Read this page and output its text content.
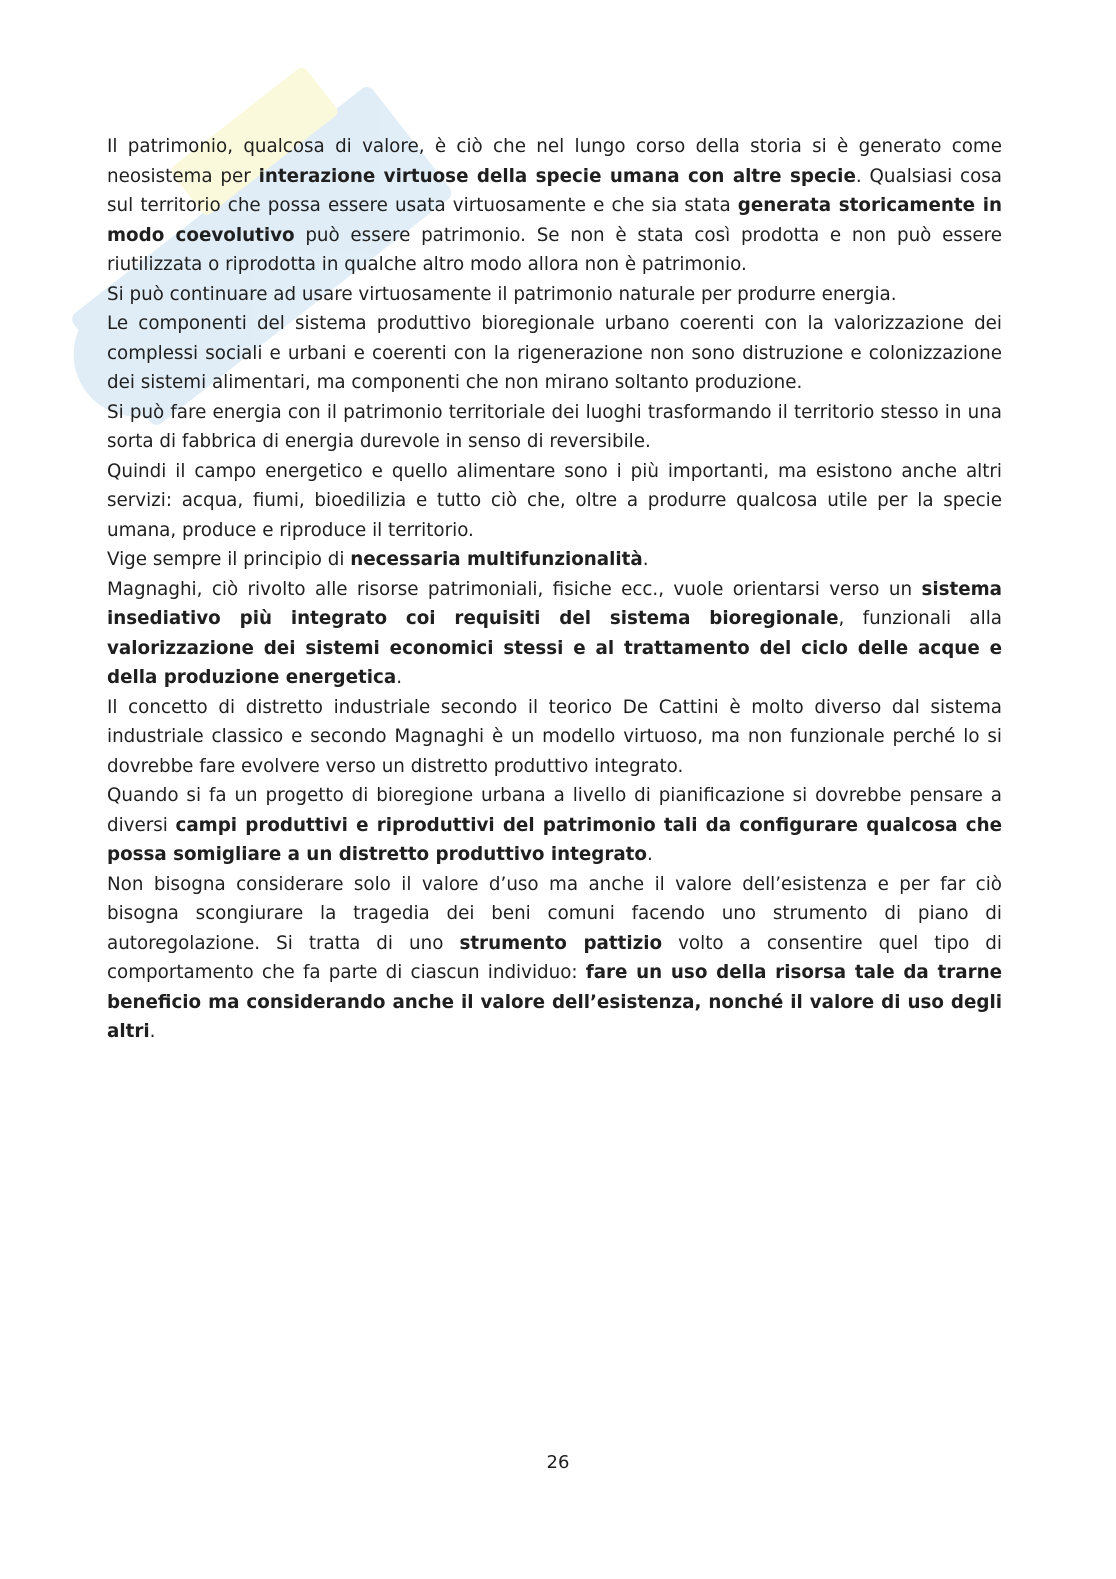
Il patrimonio, qualcosa di valore, è ciò che nel lungo corso della storia si è generato come neosistema per interazione virtuose della specie umana con altre specie. Qualsiasi cosa sul territorio che possa essere usata virtuosamente e che sia stata generata storicamente in modo coevolutivo può essere patrimonio. Se non è stata così prodotta e non può essere riutilizzata o riprodotta in qualche altro modo allora non è patrimonio.

Si può continuare ad usare virtuosamente il patrimonio naturale per produrre energia.

Le componenti del sistema produttivo bioregionale urbano coerenti con la valorizzazione dei complessi sociali e urbani e coerenti con la rigenerazione non sono distruzione e colonizzazione dei sistemi alimentari, ma componenti che non mirano soltanto produzione.

Si può fare energia con il patrimonio territoriale dei luoghi trasformando il territorio stesso in una sorta di fabbrica di energia durevole in senso di reversibile.

Quindi il campo energetico e quello alimentare sono i più importanti, ma esistono anche altri servizi: acqua, fiumi, bioedilizia e tutto ciò che, oltre a produrre qualcosa utile per la specie umana, produce e riproduce il territorio.

Vige sempre il principio di necessaria multifunzionalità.

Magnaghi, ciò rivolto alle risorse patrimoniali, fisiche ecc., vuole orientarsi verso un sistema insediativo più integrato coi requisiti del sistema bioregionale, funzionali alla valorizzazione dei sistemi economici stessi e al trattamento del ciclo delle acque e della produzione energetica.

Il concetto di distretto industriale secondo il teorico De Cattini è molto diverso dal sistema industriale classico e secondo Magnaghi è un modello virtuoso, ma non funzionale perché lo si dovrebbe fare evolvere verso un distretto produttivo integrato.

Quando si fa un progetto di bioregione urbana a livello di pianificazione si dovrebbe pensare a diversi campi produttivi e riproduttivi del patrimonio tali da configurare qualcosa che possa somigliare a un distretto produttivo integrato.

Non bisogna considerare solo il valore d’uso ma anche il valore dell’esistenza e per far ciò bisogna scongiurare la tragedia dei beni comuni facendo uno strumento di piano di autoregolazione. Si tratta di uno strumento pattizio volto a consentire quel tipo di comportamento che fa parte di ciascun individuo: fare un uso della risorsa tale da trarne beneficio ma considerando anche il valore dell’esistenza, nonché il valore di uso degli altri.

26
